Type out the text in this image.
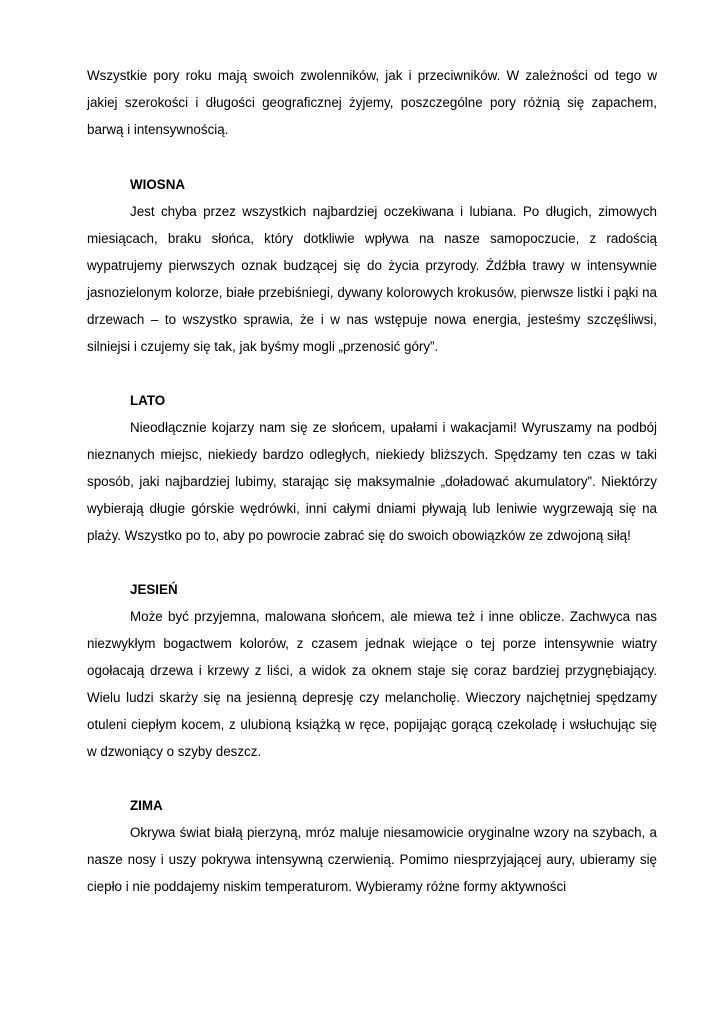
Wszystkie pory roku mają swoich zwolenników, jak i przeciwników. W zależności od tego w jakiej szerokości i długości geograficznej żyjemy, poszczególne pory różnią się zapachem, barwą i intensywnością.

WIOSNA

Jest chyba przez wszystkich najbardziej oczekiwana i lubiana. Po długich, zimowych miesiącach, braku słońca, który dotkliwie wpływa na nasze samopoczucie, z radością wypatrujemy pierwszych oznak budzącej się do życia przyrody. Źdźbła trawy w intensywnie jasnozielonym kolorze, białe przebiśniegi, dywany kolorowych krokusów, pierwsze listki i pąki na drzewach – to wszystko sprawia, że i w nas wstępuje nowa energia, jesteśmy szczęśliwsi, silniejsi i czujemy się tak, jak byśmy mogli „przenosić góry”.

LATO

Nieodłącznie kojarzy nam się ze słońcem, upałami i wakacjami! Wyruszamy na podbój nieznanych miejsc, niekiedy bardzo odległych, niekiedy bliższych. Spędzamy ten czas w taki sposób, jaki najbardziej lubimy, starając się maksymalnie „doładować akumulatory”. Niektórzy wybierają długie górskie wędrówki, inni całymi dniami pływają lub leniwie wygrzewają się na plaży. Wszystko po to, aby po powrocie zabrać się do swoich obowiązków ze zdwojoną siłą!

JESIEŃ

Może być przyjemna, malowana słońcem, ale miewa też i inne oblicze. Zachwyca nas niezwykłym bogactwem kolorów, z czasem jednak wiejące o tej porze intensywnie wiatry ogołacają drzewa i krzewy z liści, a widok za oknem staje się coraz bardziej przygnębiający. Wielu ludzi skarży się na jesienną depresję czy melancholię. Wieczory najchętniej spędzamy otuleni ciepłym kocem, z ulubioną książką w ręce, popijając gorącą czekoladę i wsłuchując się w dzwoniący o szyby deszcz.

ZIMA

Okrywa świat białą pierzyną, mróz maluje niesamowicie oryginalne wzory na szybach, a nasze nosy i uszy pokrywa intensywną czerwienią. Pomimo niesprzyjającej aury, ubieramy się ciepło i nie poddajemy niskim temperaturom. Wybieramy różne formy aktywności
